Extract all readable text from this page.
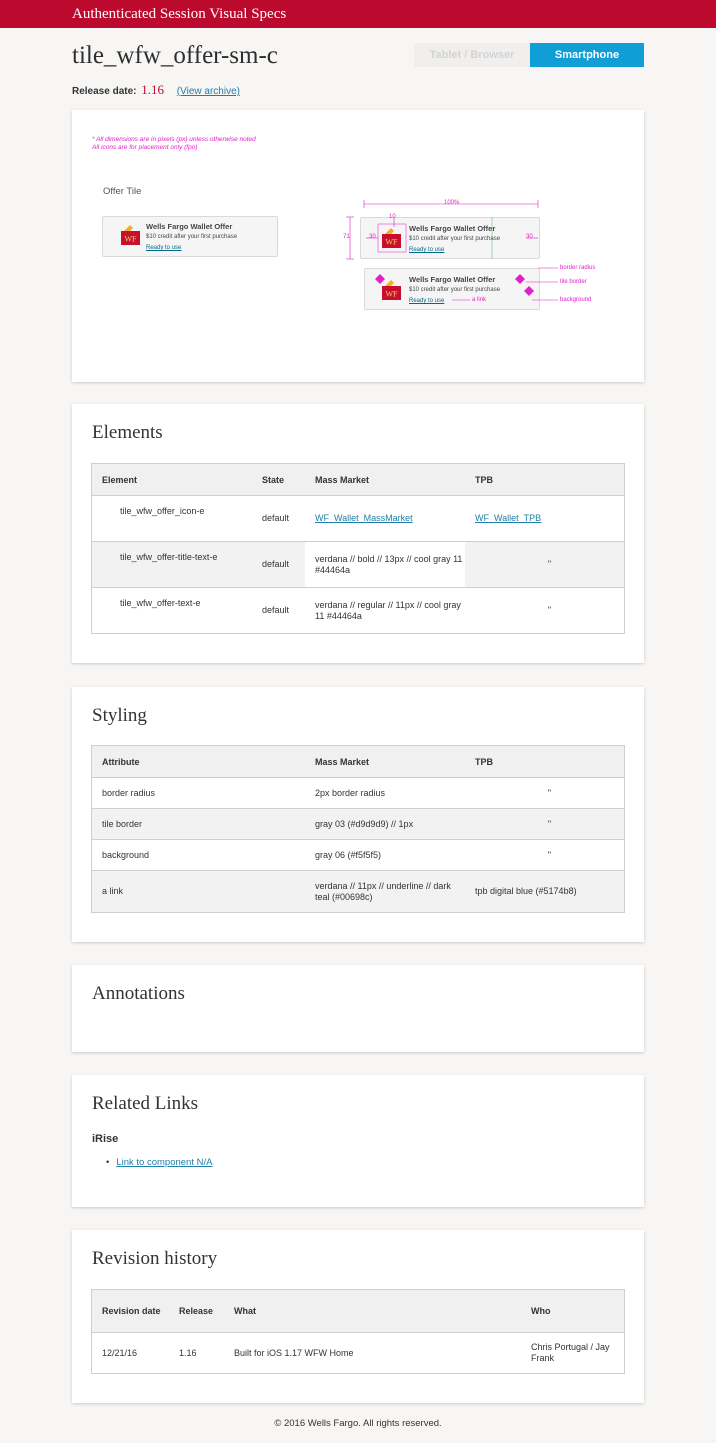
Authenticated Session Visual Specs
tile_wfw_offer-sm-c
Release date: 1.16 (View archive)
Tablet / Browser	Smartphone
* All dimensions are in pixels (px) unless otherwise noted
All icons are for placement only (fpo)
Offer Tile
WF
Wells Fargo Wallet Offer
$10 credit after your first purchase
Ready to use
WF
Wells Fargo Wallet Offer
$10 credit after your first purchase
Ready to use
100%
71	30	30
10
WF
Wells Fargo Wallet Offer
$10 credit after your first purchase
Ready to use
border radius
tile border
background
a link
Elements
Element	State	Mass Market	TPB
tile_wfw_offer_icon-e	default	WF_Wallet_MassMarket	WF_Wallet_TPB
tile_wfw_offer-title-text-e	default	verdana // bold // 13px // cool gray 11 #44464a	"
tile_wfw_offer-text-e	default	verdana // regular // 11px // cool gray 11 #44464a	"
Styling
Attribute	Mass Market	TPB
border radius	2px border radius	"
tile border	gray 03 (#d9d9d9) // 1px	"
background	gray 06 (#f5f5f5)	"
a link	verdana // 11px // underline // dark teal (#00698c)	tpb digital blue (#5174b8)
Annotations
Related Links
iRise
• Link to component N/A
Revision history
Revision date	Release	What	Who
12/21/16	1.16	Built for iOS 1.17 WFW Home	Chris Portugal / Jay Frank
© 2016 Wells Fargo. All rights reserved.
